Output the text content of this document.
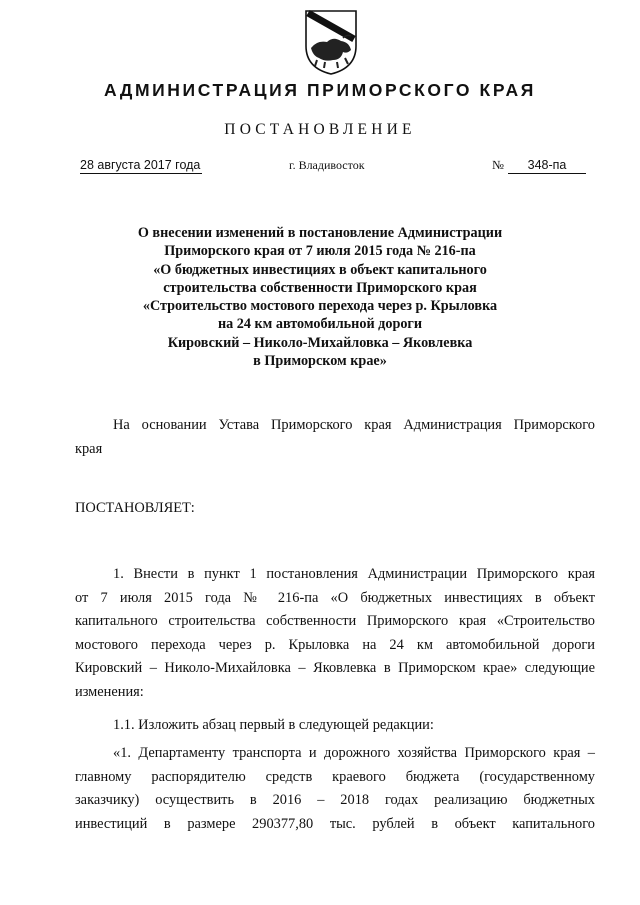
АДМИНИСТРАЦИЯ ПРИМОРСКОГО КРАЯ
ПОСТАНОВЛЕНИЕ
28 августа 2017 года	г. Владивосток	№	348-па
О внесении изменений в постановление Администрации
Приморского края от 7 июля 2015 года № 216-па
«О бюджетных инвестициях в объект капитального
строительства собственности Приморского края
«Строительство мостового перехода через р. Крыловка
на 24 км автомобильной дороги
Кировский – Николо-Михайловка – Яковлевка
в Приморском крае»
На основании Устава Приморского края Администрация Приморского
края
ПОСТАНОВЛЯЕТ:
1. Внести в пункт 1 постановления Администрации Приморского края
от 7 июля 2015 года № 216-па «О бюджетных инвестициях в объект
капитального строительства собственности Приморского края «Строительство
мостового перехода через р. Крыловка на 24 км автомобильной дороги
Кировский – Николо-Михайловка – Яковлевка в Приморском крае» следующие
изменения:
1.1. Изложить абзац первый в следующей редакции:
«1. Департаменту транспорта и дорожного хозяйства Приморского края –
главному распорядителю средств краевого бюджета (государственному
заказчику) осуществить в 2016 – 2018 годах реализацию бюджетных
инвестиций в размере 290377,80 тыс. рублей в объект капитального
